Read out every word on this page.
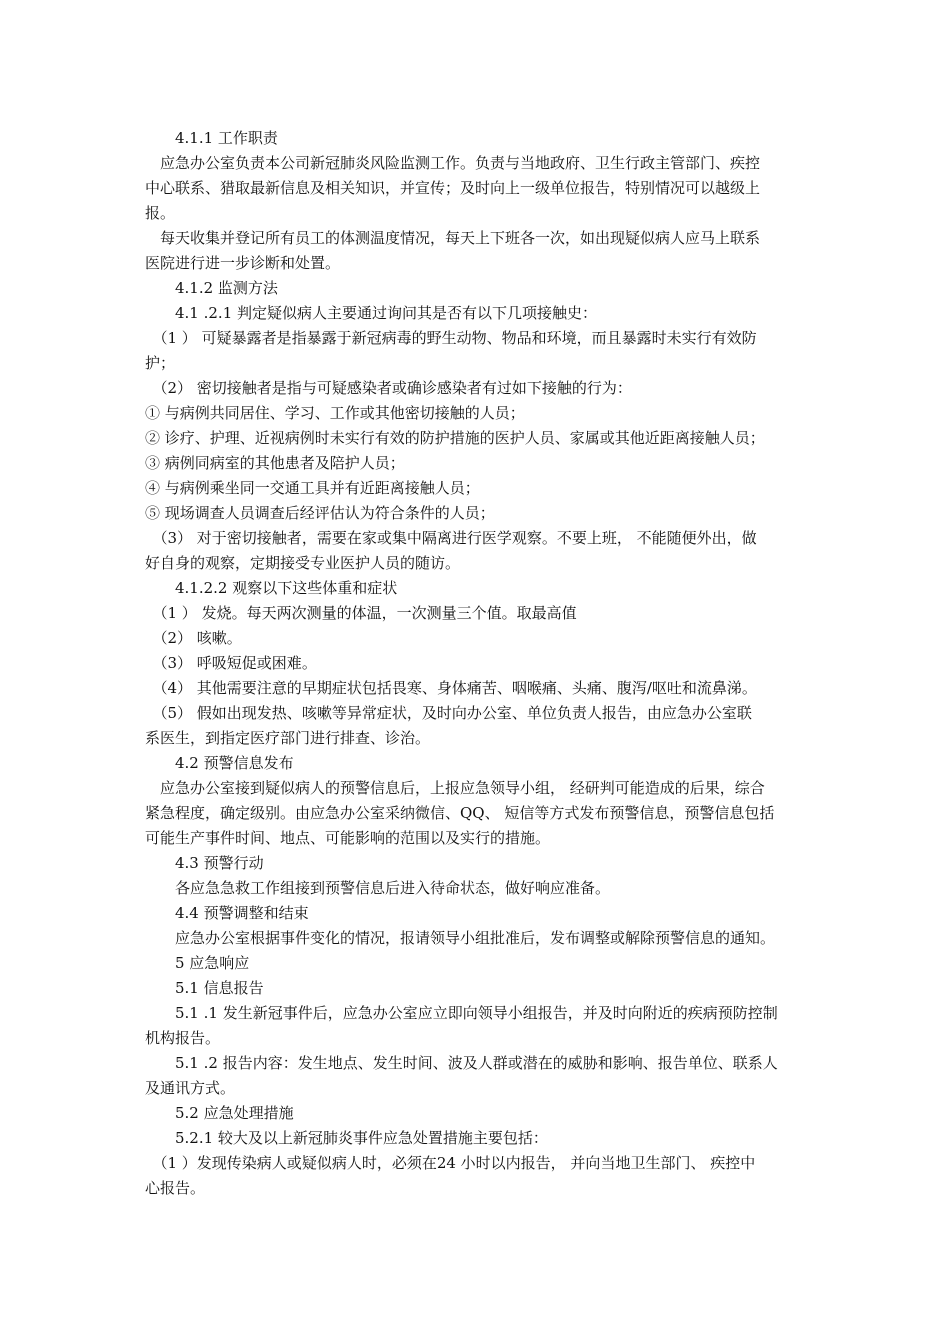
　　4.1.1 工作职责
　应急办公室负责本公司新冠肺炎风险监测工作。负责与当地政府、卫生行政主管部门、疾控
中心联系、猎取最新信息及相关知识，并宣传；及时向上一级单位报告，特别情况可以越级上
报。
　每天收集并登记所有员工的体测温度情况，每天上下班各一次，如出现疑似病人应马上联系
医院进行进一步诊断和处置。
　　4.1.2 监测方法
　　4.1 .2.1 判定疑似病人主要通过询问其是否有以下几项接触史：
　（1 ） 可疑暴露者是指暴露于新冠病毒的野生动物、物品和环境，而且暴露时未实行有效防
护；
　（2） 密切接触者是指与可疑感染者或确诊感染者有过如下接触的行为：
① 与病例共同居住、学习、工作或其他密切接触的人员；
② 诊疗、护理、近视病例时未实行有效的防护措施的医护人员、家属或其他近距离接触人员；
③ 病例同病室的其他患者及陪护人员；
④ 与病例乘坐同一交通工具并有近距离接触人员；
⑤ 现场调查人员调查后经评估认为符合条件的人员；
　（3） 对于密切接触者，需要在家或集中隔离进行医学观察。不要上班， 不能随便外出，做
好自身的观察，定期接受专业医护人员的随访。
　　4.1.2.2 观察以下这些体重和症状
　（1 ） 发烧。每天两次测量的体温，一次测量三个值。取最高值
　（2） 咳嗽。
　（3） 呼吸短促或困难。
　（4） 其他需要注意的早期症状包括畏寒、身体痛苦、咽喉痛、头痛、腹泻/呕吐和流鼻涕。
　（5） 假如出现发热、咳嗽等异常症状，及时向办公室、单位负责人报告，由应急办公室联
系医生，到指定医疗部门进行排查、诊治。
　　4.2 预警信息发布
　应急办公室接到疑似病人的预警信息后，上报应急领导小组， 经研判可能造成的后果，综合
紧急程度，确定级别。由应急办公室采纳微信、QQ、 短信等方式发布预警信息，预警信息包括
可能生产事件时间、地点、可能影响的范围以及实行的措施。
　　4.3 预警行动
　　各应急急救工作组接到预警信息后进入待命状态，做好响应准备。
　　4.4 预警调整和结束
　　应急办公室根据事件变化的情况，报请领导小组批准后，发布调整或解除预警信息的通知。
　　5 应急响应
　　5.1 信息报告
　　5.1 .1 发生新冠事件后，应急办公室应立即向领导小组报告，并及时向附近的疾病预防控制
机构报告。
　　5.1 .2 报告内容：发生地点、发生时间、波及人群或潜在的威胁和影响、报告单位、联系人
及通讯方式。
　　5.2 应急处理措施
　　5.2.1 较大及以上新冠肺炎事件应急处置措施主要包括：
　（1 ）发现传染病人或疑似病人时，必须在24 小时以内报告， 并向当地卫生部门、 疾控中
心报告。
